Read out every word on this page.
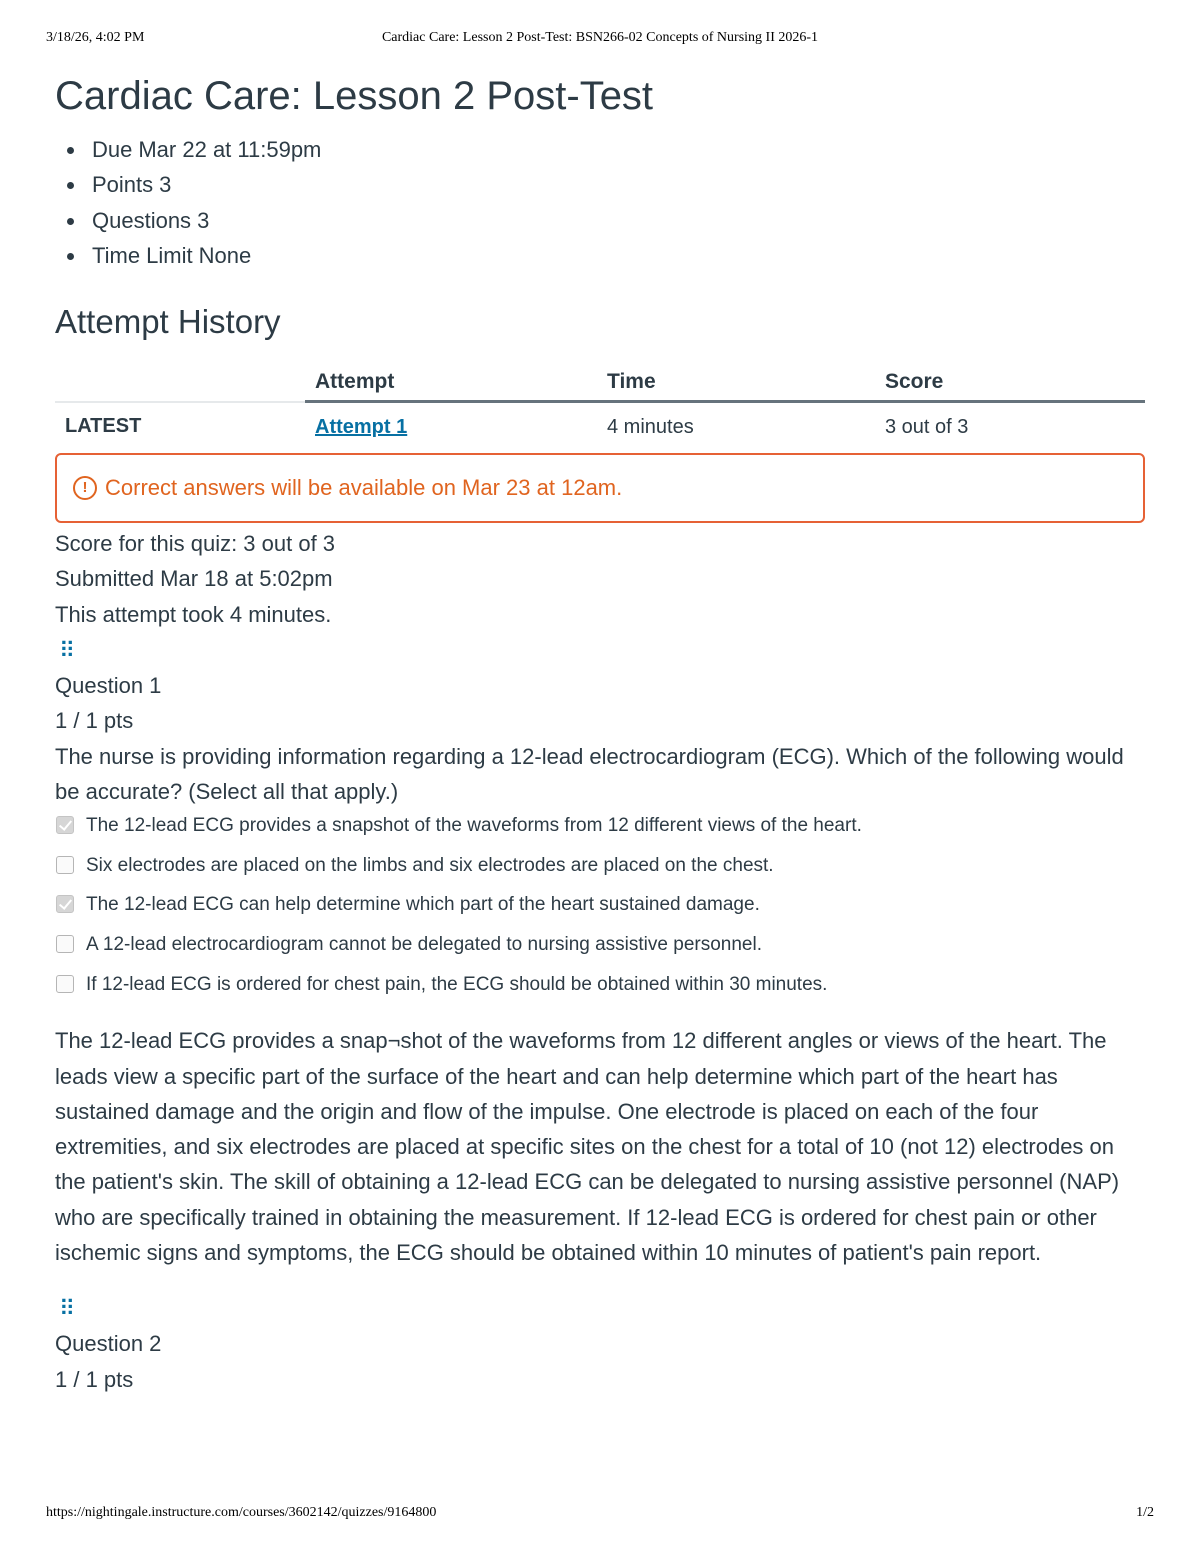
3/18/26, 4:02 PM	Cardiac Care: Lesson 2 Post-Test: BSN266-02 Concepts of Nursing II 2026-1
Cardiac Care: Lesson 2 Post-Test
Due Mar 22 at 11:59pm
Points 3
Questions 3
Time Limit None
Attempt History
	Attempt	Time	Score
LATEST	Attempt 1	4 minutes	3 out of 3
! Correct answers will be available on Mar 23 at 12am.
Score for this quiz: 3 out of 3
Submitted Mar 18 at 5:02pm
This attempt took 4 minutes.
⠿
Question 1
1 / 1 pts
The nurse is providing information regarding a 12-lead electrocardiogram (ECG). Which of the following would be accurate? (Select all that apply.)
The 12-lead ECG provides a snapshot of the waveforms from 12 different views of the heart.
Six electrodes are placed on the limbs and six electrodes are placed on the chest.
The 12-lead ECG can help determine which part of the heart sustained damage.
A 12-lead electrocardiogram cannot be delegated to nursing assistive personnel.
If 12-lead ECG is ordered for chest pain, the ECG should be obtained within 30 minutes.
The 12-lead ECG provides a snap¬shot of the waveforms from 12 different angles or views of the heart. The leads view a specific part of the surface of the heart and can help determine which part of the heart has sustained damage and the origin and flow of the impulse. One electrode is placed on each of the four extremities, and six electrodes are placed at specific sites on the chest for a total of 10 (not 12) electrodes on the patient's skin. The skill of obtaining a 12-lead ECG can be delegated to nursing assistive personnel (NAP) who are specifically trained in obtaining the measurement. If 12-lead ECG is ordered for chest pain or other ischemic signs and symptoms, the ECG should be obtained within 10 minutes of patient's pain report.
⠿
Question 2
1 / 1 pts
https://nightingale.instructure.com/courses/3602142/quizzes/9164800	1/2
